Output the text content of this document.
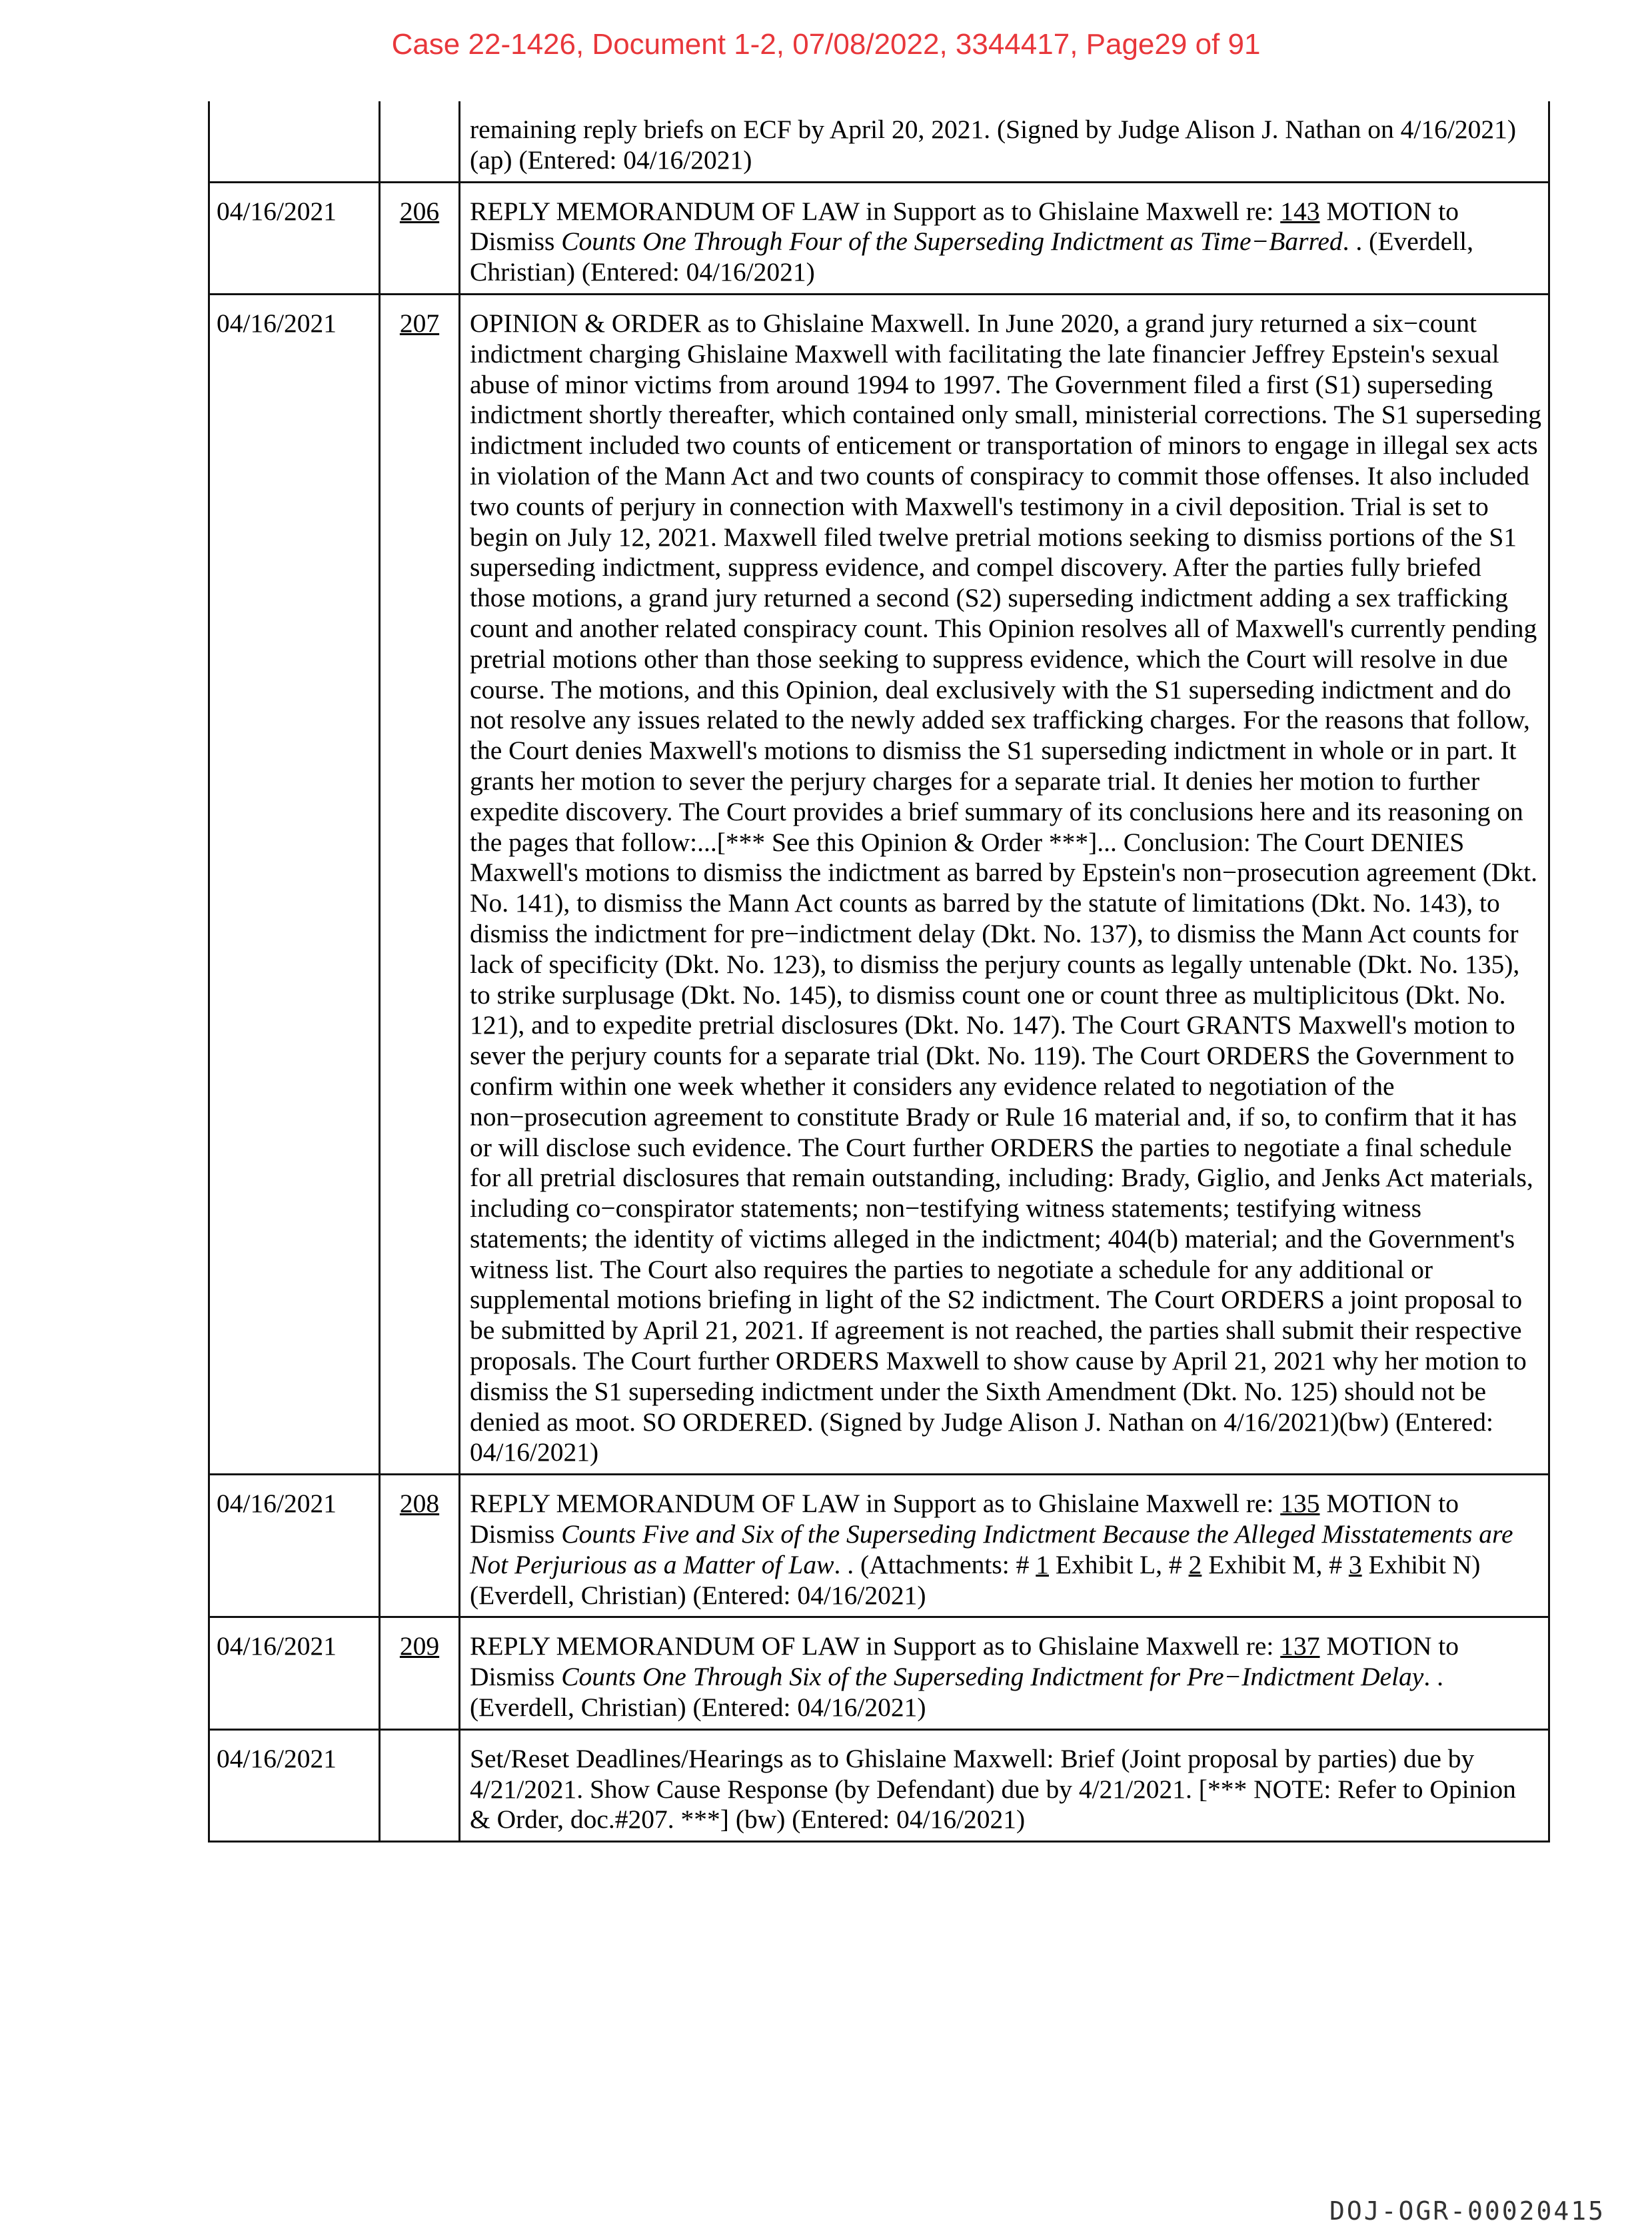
Case 22-1426, Document 1-2, 07/08/2022, 3344417, Page29 of 91
		remaining reply briefs on ECF by April 20, 2021. (Signed by Judge Alison J. Nathan on 4/16/2021) (ap) (Entered: 04/16/2021)
04/16/2021	206	REPLY MEMORANDUM OF LAW in Support as to Ghislaine Maxwell re: 143 MOTION to Dismiss Counts One Through Four of the Superseding Indictment as Time−Barred. . (Everdell, Christian) (Entered: 04/16/2021)
04/16/2021	207	OPINION & ORDER as to Ghislaine Maxwell. In June 2020, a grand jury returned a six−count indictment charging Ghislaine Maxwell with facilitating the late financier Jeffrey Epstein's sexual abuse of minor victims from around 1994 to 1997. The Government filed a first (S1) superseding indictment shortly thereafter, which contained only small, ministerial corrections. The S1 superseding indictment included two counts of enticement or transportation of minors to engage in illegal sex acts in violation of the Mann Act and two counts of conspiracy to commit those offenses. It also included two counts of perjury in connection with Maxwell's testimony in a civil deposition. Trial is set to begin on July 12, 2021. Maxwell filed twelve pretrial motions seeking to dismiss portions of the S1 superseding indictment, suppress evidence, and compel discovery. After the parties fully briefed those motions, a grand jury returned a second (S2) superseding indictment adding a sex trafficking count and another related conspiracy count. This Opinion resolves all of Maxwell's currently pending pretrial motions other than those seeking to suppress evidence, which the Court will resolve in due course. The motions, and this Opinion, deal exclusively with the S1 superseding indictment and do not resolve any issues related to the newly added sex trafficking charges. For the reasons that follow, the Court denies Maxwell's motions to dismiss the S1 superseding indictment in whole or in part. It grants her motion to sever the perjury charges for a separate trial. It denies her motion to further expedite discovery. The Court provides a brief summary of its conclusions here and its reasoning on the pages that follow:...[*** See this Opinion & Order ***]... Conclusion: The Court DENIES Maxwell's motions to dismiss the indictment as barred by Epstein's non−prosecution agreement (Dkt. No. 141), to dismiss the Mann Act counts as barred by the statute of limitations (Dkt. No. 143), to dismiss the indictment for pre−indictment delay (Dkt. No. 137), to dismiss the Mann Act counts for lack of specificity (Dkt. No. 123), to dismiss the perjury counts as legally untenable (Dkt. No. 135), to strike surplusage (Dkt. No. 145), to dismiss count one or count three as multiplicitous (Dkt. No. 121), and to expedite pretrial disclosures (Dkt. No. 147). The Court GRANTS Maxwell's motion to sever the perjury counts for a separate trial (Dkt. No. 119). The Court ORDERS the Government to confirm within one week whether it considers any evidence related to negotiation of the non−prosecution agreement to constitute Brady or Rule 16 material and, if so, to confirm that it has or will disclose such evidence. The Court further ORDERS the parties to negotiate a final schedule for all pretrial disclosures that remain outstanding, including: Brady, Giglio, and Jenks Act materials, including co−conspirator statements; non−testifying witness statements; testifying witness statements; the identity of victims alleged in the indictment; 404(b) material; and the Government's witness list. The Court also requires the parties to negotiate a schedule for any additional or supplemental motions briefing in light of the S2 indictment. The Court ORDERS a joint proposal to be submitted by April 21, 2021. If agreement is not reached, the parties shall submit their respective proposals. The Court further ORDERS Maxwell to show cause by April 21, 2021 why her motion to dismiss the S1 superseding indictment under the Sixth Amendment (Dkt. No. 125) should not be denied as moot. SO ORDERED. (Signed by Judge Alison J. Nathan on 4/16/2021)(bw) (Entered: 04/16/2021)
04/16/2021	208	REPLY MEMORANDUM OF LAW in Support as to Ghislaine Maxwell re: 135 MOTION to Dismiss Counts Five and Six of the Superseding Indictment Because the Alleged Misstatements are Not Perjurious as a Matter of Law. . (Attachments: # 1 Exhibit L, # 2 Exhibit M, # 3 Exhibit N)(Everdell, Christian) (Entered: 04/16/2021)
04/16/2021	209	REPLY MEMORANDUM OF LAW in Support as to Ghislaine Maxwell re: 137 MOTION to Dismiss Counts One Through Six of the Superseding Indictment for Pre−Indictment Delay. . (Everdell, Christian) (Entered: 04/16/2021)
04/16/2021		Set/Reset Deadlines/Hearings as to Ghislaine Maxwell: Brief (Joint proposal by parties) due by 4/21/2021. Show Cause Response (by Defendant) due by 4/21/2021. [*** NOTE: Refer to Opinion & Order, doc.#207. ***] (bw) (Entered: 04/16/2021)
DOJ-OGR-00020415
